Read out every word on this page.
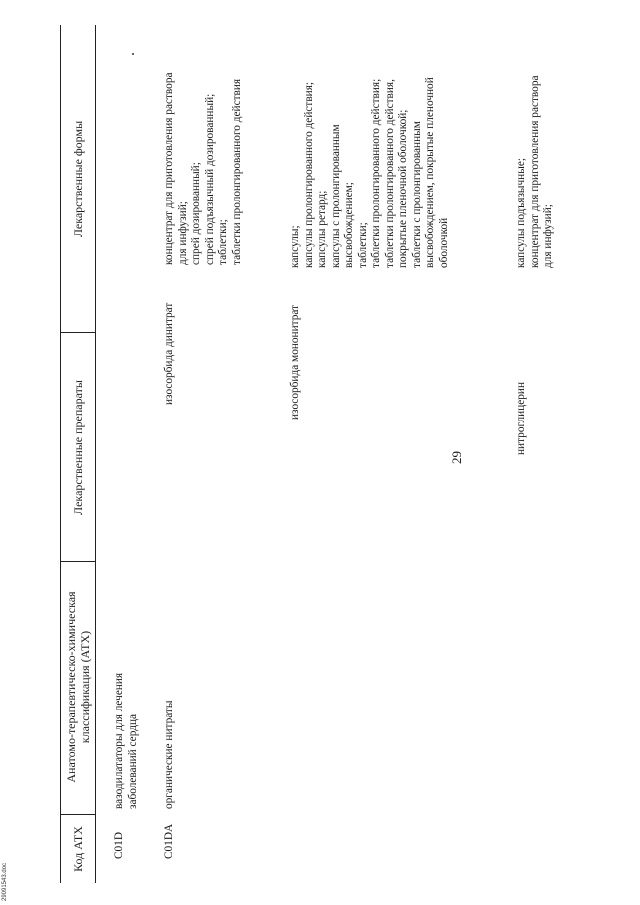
29
Код АТХ
Анатомо-терапевтическо-химическая классификация (АТХ)
Лекарственные препараты
Лекарственные формы
C01D
вазодилататоры для лечения заболеваний сердца
C01DA
органические нитраты
изосорбида динитрат
концентрат для приготовления раствора для инфузий; спрей дозированный; спрей подъязычный дозированный; таблетки; таблетки пролонгированного действия
изосорбида мононитрат
капсулы; капсулы пролонгированного действия; капсулы ретард; капсулы с пролонгированным высвобождением; таблетки; таблетки пролонгированного действия; таблетки пролонгированного действия, покрытые пленочной оболочкой; таблетки с пролонгированным высвобождением, покрытые пленочной оболочкой
нитроглицерин
капсулы подъязычные; концентрат для приготовления раствора для инфузий;
29091543.doc
